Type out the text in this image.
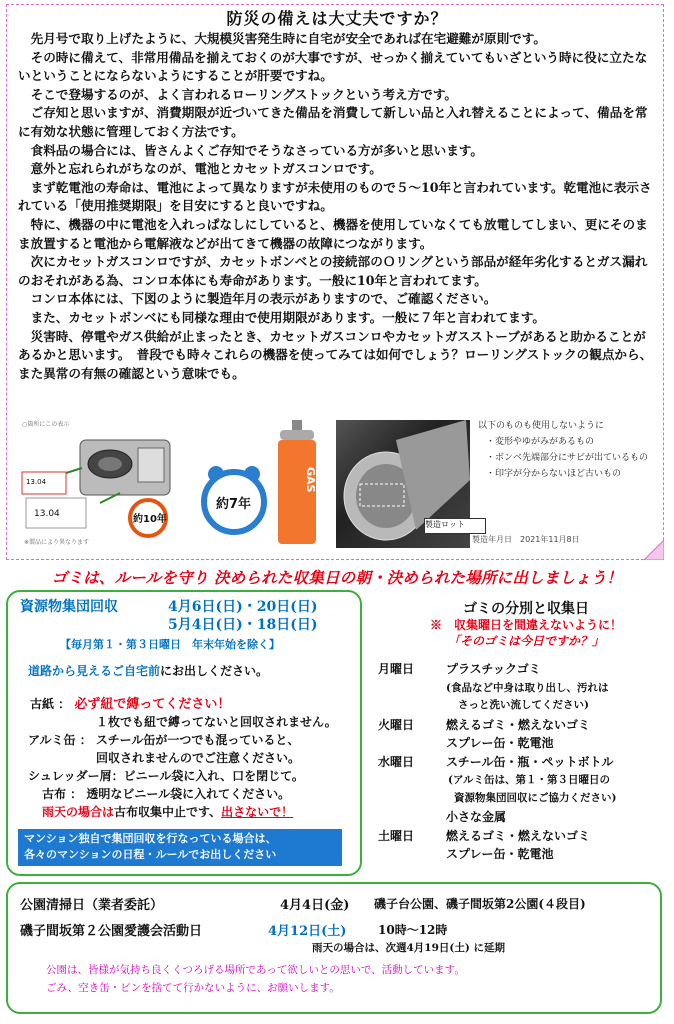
防災の備えは大丈夫ですか？

先月号で取り上げたように、大規模災害発生時に自宅が安全であれば在宅避難が原則です。

その時に備えて、非常用備品を揃えておくのが大事ですが、せっかく揃えていてもいざという時に役に立たないということにならないようにすることが肝要ですね。

そこで登場するのが、よく言われるローリングストックという考え方です。

ご存知と思いますが、消費期限が近づいてきた備品を消費して新しい品と入れ替えることによって、備品を常に有効な状態に管理しておく方法です。

食料品の場合には、皆さんよくご存知でそうなさっている方が多いと思います。

意外と忘れられがちなのが、電池とカセットガスコンロです。

まず乾電池の寿命は、電池によって異なりますが未使用のもので５～10年と言われています。乾電池に表示されている「使用推奨期限」を目安にすると良いですね。

特に、機器の中に電池を入れっぱなしにしていると、機器を使用していなくても放電してしまい、更にそのまま放置すると電池から電解液などが出てきて機器の故障につながります。

次にカセットガスコンロですが、カセットボンベとの接続部のＯリングという部品が経年劣化するとガス漏れのおそれがある為、コンロ本体にも寿命があります。一般に10年と言われてます。

コンロ本体には、下図のように製造年月の表示がありますので、ご確認ください。

また、カセットボンベにも同様な理由で使用期限があります。一般に７年と言われてます。

災害時、停電やガス供給が止まったとき、カセットガスコンロやカセットガスストーブがあると助かることがあるかと思います。　普段でも時々これらの機器を使ってみては如何でしょう？ローリングストックの観点から、また異常の有無の確認という意味でも。

○箇所にこの表示
13.04
13.04
※製品により異なります
約10年
約7年
GAS
製造ロット
製造年月日　2021年11月8日
以下のものも使用しないように
・変形やゆがみがあるもの
・ボンベ先端部分にサビが出ているもの
・印字が分からないほど古いもの
ゴミは、ルールを守り 決められた収集日の朝・決められた場所に出しましょう！
資源物集団回収	4月6日(日)・20日(日)
5月4日(日)・18日(日)
【毎月第１・第３日曜日　年末年始を除く】
道路から見えるご自宅前にお出しください。
古紙 ： 必ず紐で縛ってください！
１枚でも紐で縛ってないと回収されません。
アルミ缶 ： スチール缶が一つでも混っていると、
回収されませんのでご注意ください。
シュレッダー屑：ビニール袋に入れ、口を閉じて。
古布 ： 透明なビニール袋に入れてください。
雨天の場合は古布収集中止です、出さないで！
マンション独自で集団回収を行なっている場合は、
各々のマンションの日程・ルールでお出しください
ゴミの分別と収集日
※　収集曜日を間違えないように！
「そのゴミは今日ですか？」
月曜日	プラスチックゴミ
(食品など中身は取り出し、汚れは
さっと洗い流してください)
火曜日	燃えるゴミ・燃えないゴミ
スプレー缶・乾電池
水曜日	スチール缶・瓶・ペットボトル
(アルミ缶は、第１・第３日曜日の
資源物集団回収にご協力ください)
小さな金属
土曜日	燃えるゴミ・燃えないゴミ
スプレー缶・乾電池
公園清掃日（業者委託）	4月4日(金) 磯子台公園、磯子間坂第2公園(４段目)
磯子間坂第２公園愛護会活動日	4月12日(土)	10時～12時
雨天の場合は、次週4月19日(土) に延期
公園は、皆様が気持ち良くくつろげる場所であって欲しいとの思いで、活動しています。
ごみ、空き缶・ビンを捨てて行かないように、お願いします。
